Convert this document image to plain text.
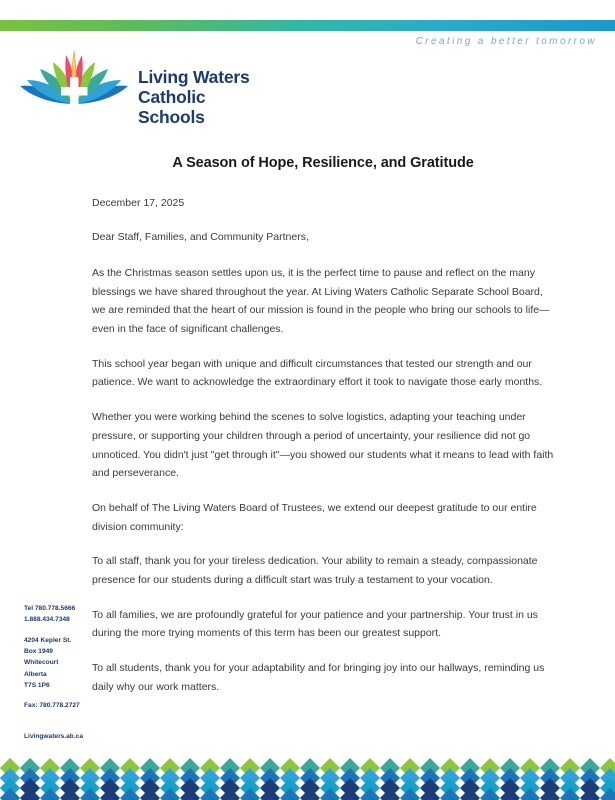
Creating a better tomorrow
Living Waters
Catholic Schools
Tel 780.778.5666
1.888.434.7348
4204 Kepler St.
Box 1949
Whitecourt
Alberta
T7S 1P6
Fax: 780.778.2727
Livingwaters.ab.ca
A Season of Hope, Resilience, and Gratitude

December 17, 2025

Dear Staff, Families, and Community Partners,

As the Christmas season settles upon us, it is the perfect time to pause and reflect on the many blessings we have shared throughout the year. At Living Waters Catholic Separate School Board, we are reminded that the heart of our mission is found in the people who bring our schools to life—even in the face of significant challenges.

This school year began with unique and difficult circumstances that tested our strength and our patience. We want to acknowledge the extraordinary effort it took to navigate those early months.

Whether you were working behind the scenes to solve logistics, adapting your teaching under pressure, or supporting your children through a period of uncertainty, your resilience did not go unnoticed. You didn't just "get through it"—you showed our students what it means to lead with faith and perseverance.

On behalf of The Living Waters Board of Trustees, we extend our deepest gratitude to our entire division community:

To all staff, thank you for your tireless dedication. Your ability to remain a steady, compassionate presence for our students during a difficult start was truly a testament to your vocation.

To all families, we are profoundly grateful for your patience and your partnership. Your trust in us during the more trying moments of this term has been our greatest support.

To all students, thank you for your adaptability and for bringing joy into our hallways, reminding us daily why our work matters.
